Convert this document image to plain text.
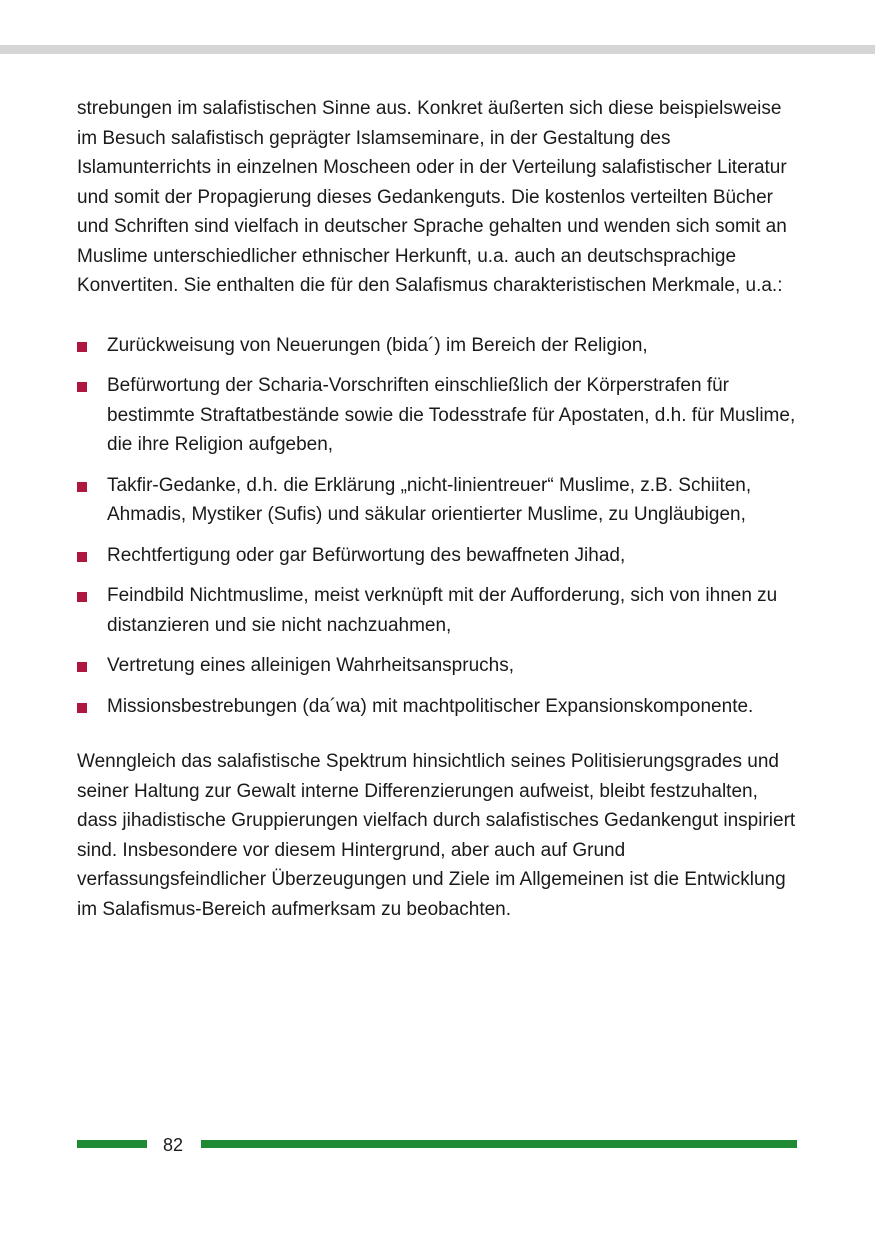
strebungen im salafistischen Sinne aus. Konkret äußerten sich diese beispielsweise im Besuch salafistisch geprägter Islamseminare, in der Gestaltung des Islamunterrichts in einzelnen Moscheen oder in der Verteilung salafistischer Literatur und somit der Propagierung dieses Gedankenguts. Die kostenlos verteilten Bücher und Schriften sind vielfach in deutscher Sprache gehalten und wenden sich somit an Muslime unterschiedlicher ethnischer Herkunft, u.a. auch an deutschsprachige Konvertiten. Sie enthalten die für den Salafismus charakteristischen Merkmale, u.a.:

Zurückweisung von Neuerungen (bida´) im Bereich der Religion,
Befürwortung der Scharia-Vorschriften einschließlich der Körperstrafen für bestimmte Straftatbestände sowie die Todesstrafe für Apostaten, d.h. für Muslime, die ihre Religion aufgeben,
Takfir-Gedanke, d.h. die Erklärung „nicht-linientreuer“ Muslime, z.B. Schiiten, Ahmadis, Mystiker (Sufis) und säkular orientierter Muslime, zu Ungläubigen,
Rechtfertigung oder gar Befürwortung des bewaffneten Jihad,
Feindbild Nichtmuslime, meist verknüpft mit der Aufforderung, sich von ihnen zu distanzieren und sie nicht nachzuahmen,
Vertretung eines alleinigen Wahrheitsanspruchs,
Missionsbestrebungen (da´wa) mit machtpolitischer Expansionskomponente.

Wenngleich das salafistische Spektrum hinsichtlich seines Politisierungsgrades und seiner Haltung zur Gewalt interne Differenzierungen aufweist, bleibt festzuhalten, dass jihadistische Gruppierungen vielfach durch salafistisches Gedankengut inspiriert sind. Insbesondere vor diesem Hintergrund, aber auch auf Grund verfassungsfeindlicher Überzeugungen und Ziele im Allgemeinen ist die Entwicklung im Salafismus-Bereich aufmerksam zu beobachten.

82
